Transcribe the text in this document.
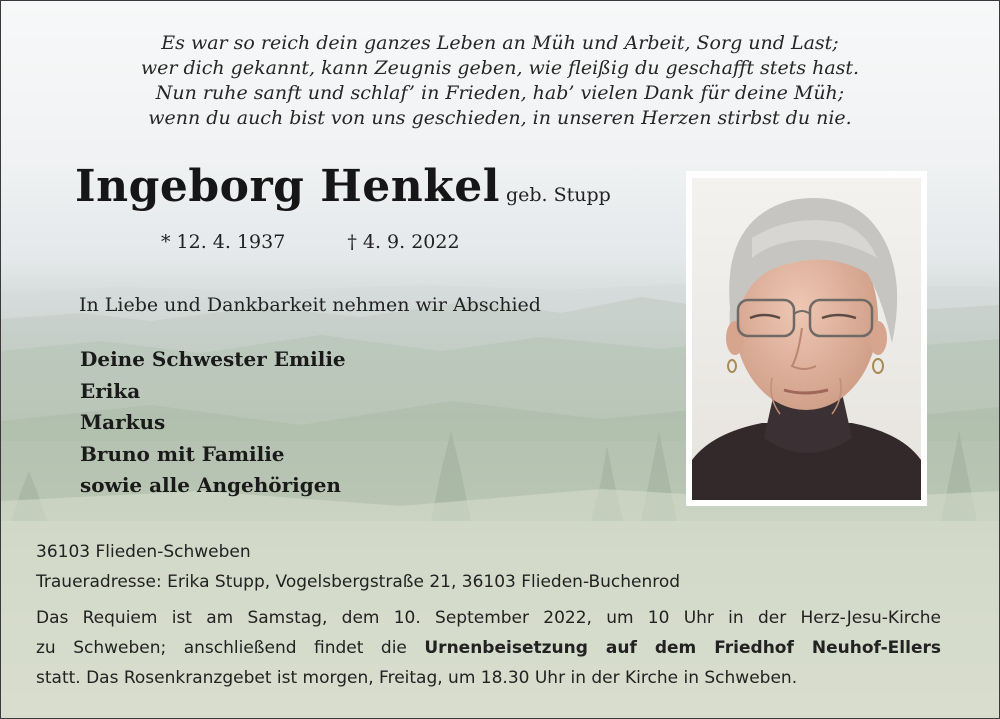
Es war so reich dein ganzes Leben an Müh und Arbeit, Sorg und Last;
wer dich gekannt, kann Zeugnis geben, wie fleißig du geschafft stets hast.
Nun ruhe sanft und schlaf’ in Frieden, hab’ vielen Dank für deine Müh;
wenn du auch bist von uns geschieden, in unseren Herzen stirbst du nie.
Ingeborg Henkel geb. Stupp
* 12. 4. 1937	† 4. 9. 2022
In Liebe und Dankbarkeit nehmen wir Abschied
Deine Schwester Emilie
Erika
Markus
Bruno mit Familie
sowie alle Angehörigen
36103 Flieden-Schweben
Traueradresse: Erika Stupp, Vogelsbergstraße 21, 36103 Flieden-Buchenrod
Das Requiem ist am Samstag, dem 10. September 2022, um 10 Uhr in der Herz-Jesu-Kirche
zu Schweben; anschließend findet die Urnenbeisetzung auf dem Friedhof Neuhof-Ellers
statt. Das Rosenkranzgebet ist morgen, Freitag, um 18.30 Uhr in der Kirche in Schweben.
